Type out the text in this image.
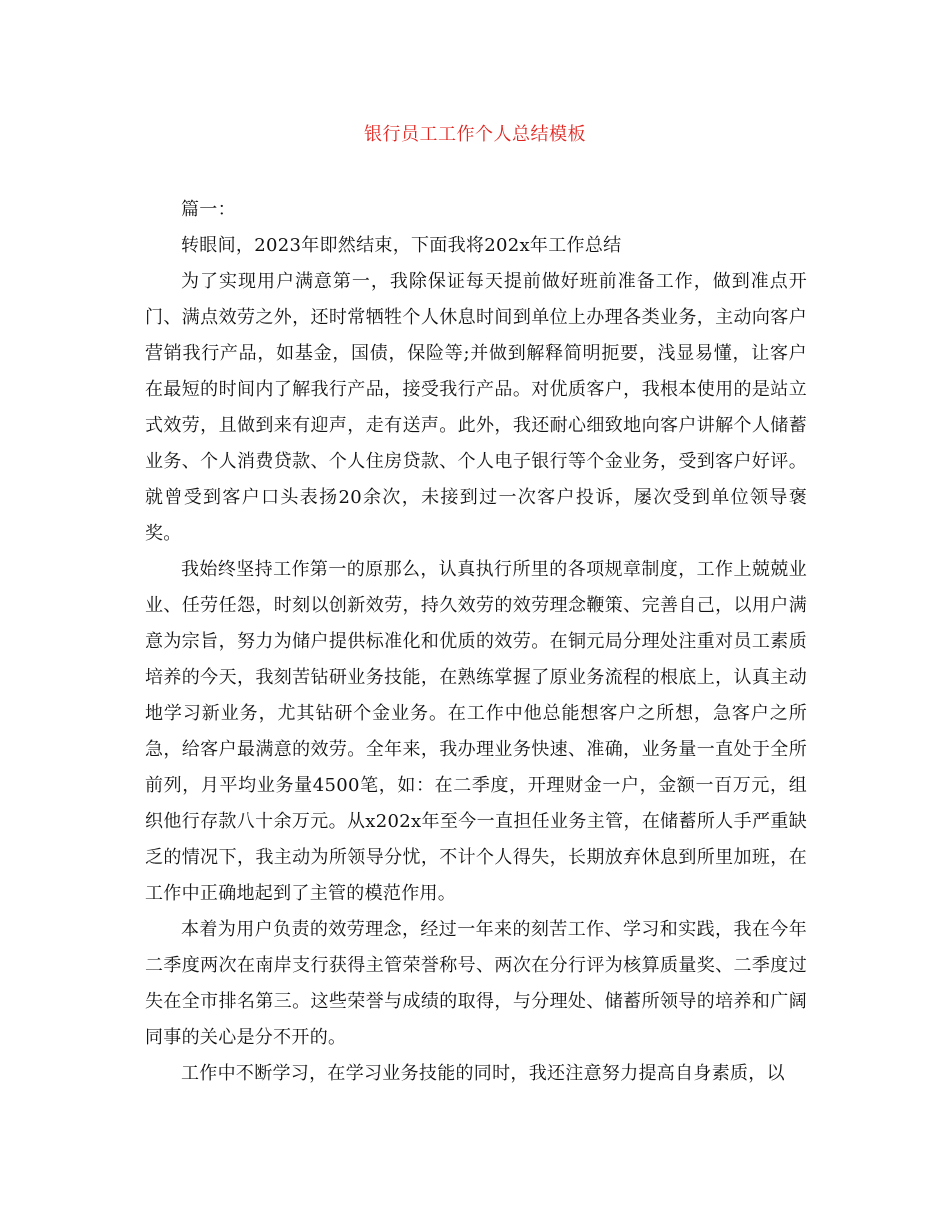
银行员工工作个人总结模板

篇一：

转眼间，2023年即然结束，下面我将202x年工作总结

为了实现用户满意第一，我除保证每天提前做好班前准备工作，做到准点开门、满点效劳之外，还时常牺牲个人休息时间到单位上办理各类业务，主动向客户营销我行产品，如基金，国债，保险等;并做到解释简明扼要，浅显易懂，让客户在最短的时间内了解我行产品，接受我行产品。对优质客户，我根本使用的是站立式效劳，且做到来有迎声，走有送声。此外，我还耐心细致地向客户讲解个人储蓄业务、个人消费贷款、个人住房贷款、个人电子银行等个金业务，受到客户好评。就曾受到客户口头表扬20余次，未接到过一次客户投诉，屡次受到单位领导褒奖。

我始终坚持工作第一的原那么，认真执行所里的各项规章制度，工作上兢兢业业、任劳任怨，时刻以创新效劳，持久效劳的效劳理念鞭策、完善自己，以用户满意为宗旨，努力为储户提供标准化和优质的效劳。在铜元局分理处注重对员工素质培养的今天，我刻苦钻研业务技能，在熟练掌握了原业务流程的根底上，认真主动地学习新业务，尤其钻研个金业务。在工作中他总能想客户之所想，急客户之所急，给客户最满意的效劳。全年来，我办理业务快速、准确，业务量一直处于全所前列，月平均业务量4500笔，如：在二季度，开理财金一户，金额一百万元，组织他行存款八十余万元。从x202x年至今一直担任业务主管，在储蓄所人手严重缺乏的情况下，我主动为所领导分忧，不计个人得失，长期放弃休息到所里加班，在工作中正确地起到了主管的模范作用。

本着为用户负责的效劳理念，经过一年来的刻苦工作、学习和实践，我在今年二季度两次在南岸支行获得主管荣誉称号、两次在分行评为核算质量奖、二季度过失在全市排名第三。这些荣誉与成绩的取得，与分理处、储蓄所领导的培养和广阔同事的关心是分不开的。

工作中不断学习，在学习业务技能的同时，我还注意努力提高自身素质，以
